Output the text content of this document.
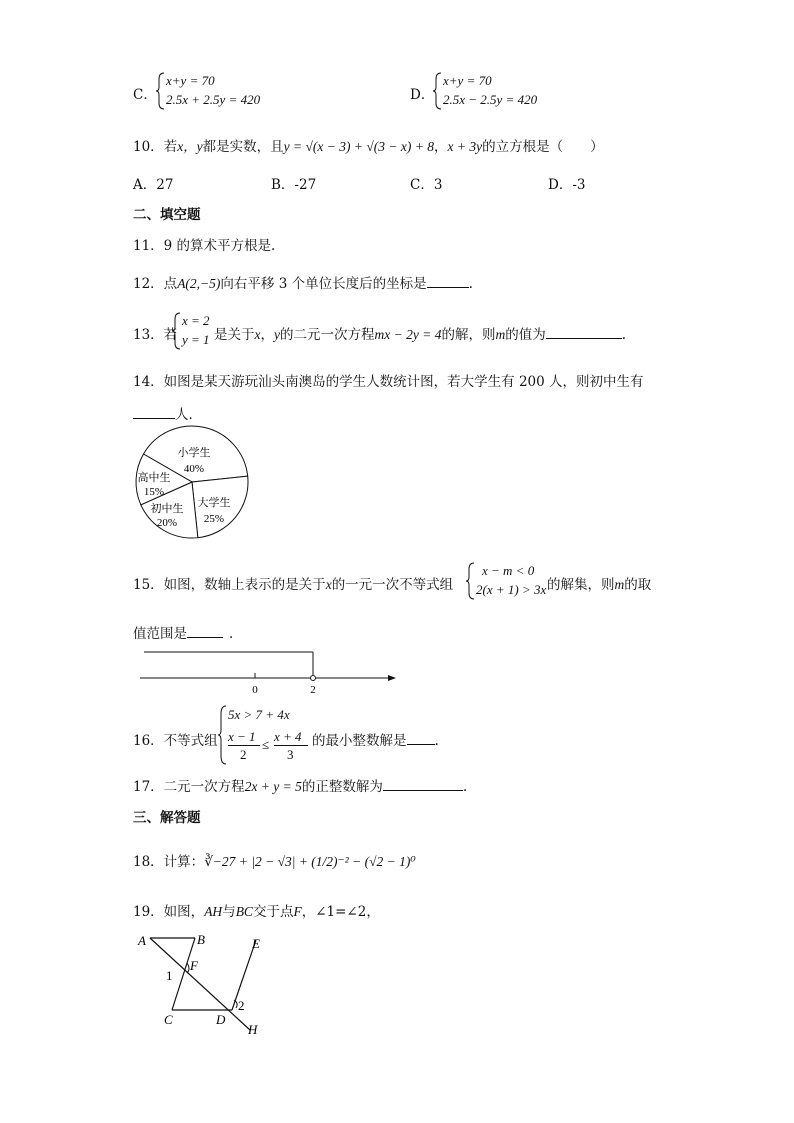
C．
x+y = 70
2.5x + 2.5y = 420	D．
x+y = 70
2.5x − 2.5y = 420
10．若x，y都是实数，且y = √(x − 3) + √(3 − x) + 8，x + 3y的立方根是（　　）
A．27	B．-27	C．3	D．-3
二、填空题
11．9 的算术平方根是.
12．点A(2,−5)向右平移 3 个单位长度后的坐标是	.
13．若
x = 2
y = 1 是关于x，y的二元一次方程mx − 2y = 4的解，则m的值为	.
14．如图是某天游玩汕头南澳岛的学生人数统计图，若大学生有 200 人，则初中生有
人．
小学生
40%
大学生
25%
初中生
20%
高中生
15%
15．如图，数轴上表示的是关于x的一元一次不等式组
x − m < 0
2(x + 1) > 3x 的解集，则m的取
值范围是	．
0	2
16．不等式组
5x > 7 + 4x
x − 1
2
≤
x + 4
3
的最小整数解是 .
17．二元一次方程2x + y = 5的正整数解为	.
三、解答题
18．计算：∛−27 + |2 − √3| + (1/2)⁻² − (√2 − 1)⁰
19．如图，AH与BC交于点F，∠1=∠2，
A	B
C	D
E
F
H
1
2
